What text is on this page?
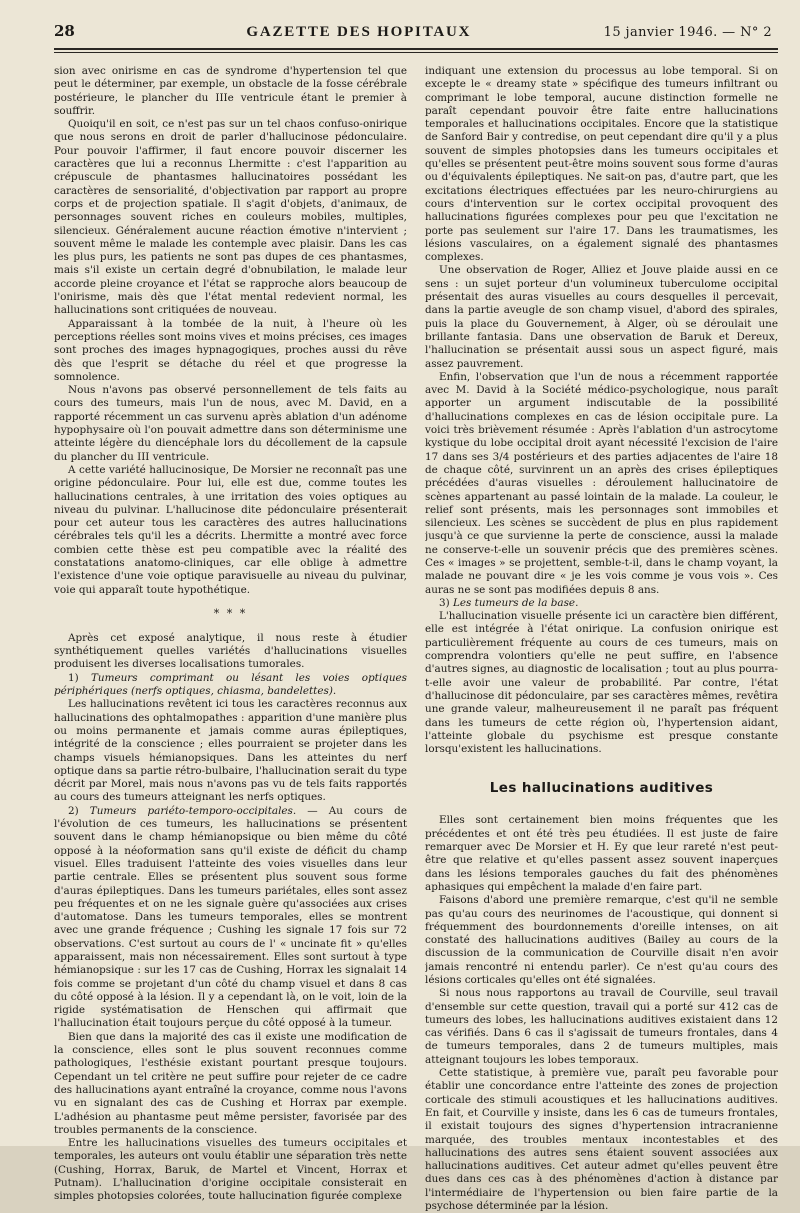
28	GAZETTE DES HOPITAUX	15 janvier 1946. — N° 2

sion avec onirisme en cas de syndrome d'hypertension tel que peut le déterminer, par exemple, un obstacle de la fosse cérébrale postérieure, le plancher du IIIe ventricule étant le premier à souffrir.

Quoiqu'il en soit, ce n'est pas sur un tel chaos confuso-onirique que nous serons en droit de parler d'hallucinose pédonculaire. Pour pouvoir l'affirmer, il faut encore pouvoir discerner les caractères que lui a reconnus Lhermitte : c'est l'apparition au crépuscule de phantasmes hallucinatoires possédant les caractères de sensorialité, d'objectivation par rapport au propre corps et de projection spatiale. Il s'agit d'objets, d'animaux, de personnages souvent riches en couleurs mobiles, multiples, silencieux. Généralement aucune réaction émotive n'intervient ; souvent même le malade les contemple avec plaisir. Dans les cas les plus purs, les patients ne sont pas dupes de ces phantasmes, mais s'il existe un certain degré d'obnubilation, le malade leur accorde pleine croyance et l'état se rapproche alors beaucoup de l'onirisme, mais dès que l'état mental redevient normal, les hallucinations sont critiquées de nouveau.

Apparaissant à la tombée de la nuit, à l'heure où les perceptions réelles sont moins vives et moins précises, ces images sont proches des images hypnagogiques, proches aussi du rêve dès que l'esprit se détache du réel et que progresse la somnolence.

Nous n'avons pas observé personnellement de tels faits au cours des tumeurs, mais l'un de nous, avec M. David, en a rapporté récemment un cas survenu après ablation d'un adénome hypophysaire où l'on pouvait admettre dans son déterminisme une atteinte légère du diencéphale lors du décollement de la capsule du plancher du III ventricule.

A cette variété hallucinosique, De Morsier ne reconnaît pas une origine pédonculaire. Pour lui, elle est due, comme toutes les hallucinations centrales, à une irritation des voies optiques au niveau du pulvinar. L'hallucinose dite pédonculaire présenterait pour cet auteur tous les caractères des autres hallucinations cérébrales tels qu'il les a décrits. Lhermitte a montré avec force combien cette thèse est peu compatible avec la réalité des constatations anatomo-cliniques, car elle oblige à admettre l'existence d'une voie optique paravisuelle au niveau du pulvinar, voie qui apparaît toute hypothétique.

* * *

Après cet exposé analytique, il nous reste à étudier synthétiquement quelles variétés d'hallucinations visuelles produisent les diverses localisations tumorales.

1) Tumeurs comprimant ou lésant les voies optiques périphériques (nerfs optiques, chiasma, bandelettes).

Les hallucinations revêtent ici tous les caractères reconnus aux hallucinations des ophtalmopathes : apparition d'une manière plus ou moins permanente et jamais comme auras épileptiques, intégrité de la conscience ; elles pourraient se projeter dans les champs visuels hémianopsiques. Dans les atteintes du nerf optique dans sa partie rétro-bulbaire, l'hallucination serait du type décrit par Morel, mais nous n'avons pas vu de tels faits rapportés au cours des tumeurs atteignant les nerfs optiques.

2) Tumeurs pariéto-temporo-occipitales. — Au cours de l'évolution de ces tumeurs, les hallucinations se présentent souvent dans le champ hémianopsique ou bien même du côté opposé à la néoformation sans qu'il existe de déficit du champ visuel. Elles traduisent l'atteinte des voies visuelles dans leur partie centrale. Elles se présentent plus souvent sous forme d'auras épileptiques. Dans les tumeurs pariétales, elles sont assez peu fréquentes et on ne les signale guère qu'associées aux crises d'automatose. Dans les tumeurs temporales, elles se montrent avec une grande fréquence ; Cushing les signale 17 fois sur 72 observations. C'est surtout au cours de l' « uncinate fit » qu'elles apparaissent, mais non nécessairement. Elles sont surtout à type hémianopsique : sur les 17 cas de Cushing, Horrax les signalait 14 fois comme se projetant d'un côté du champ visuel et dans 8 cas du côté opposé à la lésion. Il y a cependant là, on le voit, loin de la rigide systématisation de Henschen qui affirmait que l'hallucination était toujours perçue du côté opposé à la tumeur.

Bien que dans la majorité des cas il existe une modification de la conscience, elles sont le plus souvent reconnues comme pathologiques, l'esthésie existant pourtant presque toujours. Cependant un tel critère ne peut suffire pour rejeter de ce cadre des hallucinations ayant entraîné la croyance, comme nous l'avons vu en signalant des cas de Cushing et Horrax par exemple. L'adhésion au phantasme peut même persister, favorisée par des troubles permanents de la conscience.

Entre les hallucinations visuelles des tumeurs occipitales et temporales, les auteurs ont voulu établir une séparation très nette (Cushing, Horrax, Baruk, de Martel et Vincent, Horrax et Putnam). L'hallucination d'origine occipitale consisterait en simples photopsies colorées, toute hallucination figurée complexe

indiquant une extension du processus au lobe temporal. Si on excepte le « dreamy state » spécifique des tumeurs infiltrant ou comprimant le lobe temporal, aucune distinction formelle ne paraît cependant pouvoir être faite entre hallucinations temporales et hallucinations occipitales. Encore que la statistique de Sanford Bair y contredise, on peut cependant dire qu'il y a plus souvent de simples photopsies dans les tumeurs occipitales et qu'elles se présentent peut-être moins souvent sous forme d'auras ou d'équivalents épileptiques. Ne sait-on pas, d'autre part, que les excitations électriques effectuées par les neuro-chirurgiens au cours d'intervention sur le cortex occipital provoquent des hallucinations figurées complexes pour peu que l'excitation ne porte pas seulement sur l'aire 17. Dans les traumatismes, les lésions vasculaires, on a également signalé des phantasmes complexes.

Une observation de Roger, Alliez et Jouve plaide aussi en ce sens : un sujet porteur d'un volumineux tuberculome occipital présentait des auras visuelles au cours desquelles il percevait, dans la partie aveugle de son champ visuel, d'abord des spirales, puis la place du Gouvernement, à Alger, où se déroulait une brillante fantasia. Dans une observation de Baruk et Dereux, l'hallucination se présentait aussi sous un aspect figuré, mais assez pauvrement.

Enfin, l'observation que l'un de nous a récemment rapportée avec M. David à la Société médico-psychologique, nous paraît apporter un argument indiscutable de la possibilité d'hallucinations complexes en cas de lésion occipitale pure. La voici très brièvement résumée : Après l'ablation d'un astrocytome kystique du lobe occipital droit ayant nécessité l'excision de l'aire 17 dans ses 3/4 postérieurs et des parties adjacentes de l'aire 18 de chaque côté, survinrent un an après des crises épileptiques précédées d'auras visuelles : déroulement hallucinatoire de scènes appartenant au passé lointain de la malade. La couleur, le relief sont présents, mais les personnages sont immobiles et silencieux. Les scènes se succèdent de plus en plus rapidement jusqu'à ce que survienne la perte de conscience, aussi la malade ne conserve-t-elle un souvenir précis que des premières scènes. Ces « images » se projettent, semble-t-il, dans le champ voyant, la malade ne pouvant dire « je les vois comme je vous vois ». Ces auras ne se sont pas modifiées depuis 8 ans.

3) Les tumeurs de la base.

L'hallucination visuelle présente ici un caractère bien différent, elle est intégrée à l'état onirique. La confusion onirique est particulièrement fréquente au cours de ces tumeurs, mais on comprendra volontiers qu'elle ne peut suffire, en l'absence d'autres signes, au diagnostic de localisation ; tout au plus pourra-t-elle avoir une valeur de probabilité. Par contre, l'état d'hallucinose dit pédonculaire, par ses caractères mêmes, revêtira une grande valeur, malheureusement il ne paraît pas fréquent dans les tumeurs de cette région où, l'hypertension aidant, l'atteinte globale du psychisme est presque constante lorsqu'existent les hallucinations.

Les hallucinations auditives

Elles sont certainement bien moins fréquentes que les précédentes et ont été très peu étudiées. Il est juste de faire remarquer avec De Morsier et H. Ey que leur rareté n'est peut-être que relative et qu'elles passent assez souvent inaperçues dans les lésions temporales gauches du fait des phénomènes aphasiques qui empêchent la malade d'en faire part.

Faisons d'abord une première remarque, c'est qu'il ne semble pas qu'au cours des neurinomes de l'acoustique, qui donnent si fréquemment des bourdonnements d'oreille intenses, on ait constaté des hallucinations auditives (Bailey au cours de la discussion de la communication de Courville disait n'en avoir jamais rencontré ni entendu parler). Ce n'est qu'au cours des lésions corticales qu'elles ont été signalées.

Si nous nous rapportons au travail de Courville, seul travail d'ensemble sur cette question, travail qui a porté sur 412 cas de tumeurs des lobes, les hallucinations auditives existaient dans 12 cas vérifiés. Dans 6 cas il s'agissait de tumeurs frontales, dans 4 de tumeurs temporales, dans 2 de tumeurs multiples, mais atteignant toujours les lobes temporaux.

Cette statistique, à première vue, paraît peu favorable pour établir une concordance entre l'atteinte des zones de projection corticale des stimuli acoustiques et les hallucinations auditives. En fait, et Courville y insiste, dans les 6 cas de tumeurs frontales, il existait toujours des signes d'hypertension intracranienne marquée, des troubles mentaux incontestables et des hallucinations des autres sens étaient souvent associées aux hallucinations auditives. Cet auteur admet qu'elles peuvent être dues dans ces cas à des phénomènes d'action à distance par l'intermédiaire de l'hypertension ou bien faire partie de la psychose déterminée par la lésion.
